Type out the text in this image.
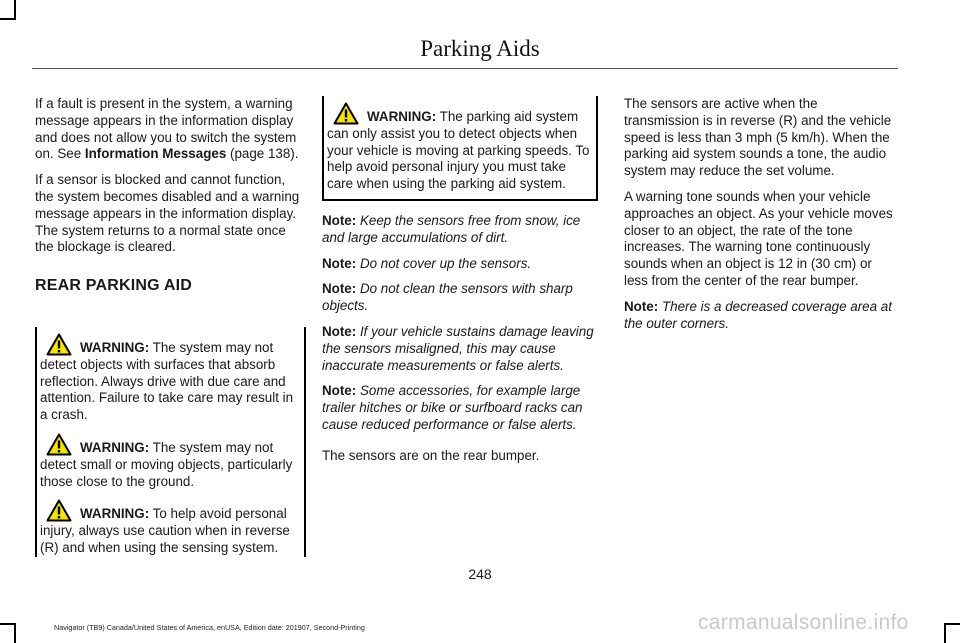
Parking Aids

If a fault is present in the system, a warning message appears in the information display and does not allow you to switch the system on. See Information Messages (page 138).

If a sensor is blocked and cannot function, the system becomes disabled and a warning message appears in the information display. The system returns to a normal state once the blockage is cleared.

REAR PARKING AID

WARNING: The system may not detect objects with surfaces that absorb reflection. Always drive with due care and attention. Failure to take care may result in a crash.

WARNING: The system may not detect small or moving objects, particularly those close to the ground.

WARNING: To help avoid personal injury, always use caution when in reverse (R) and when using the sensing system.

WARNING: The parking aid system can only assist you to detect objects when your vehicle is moving at parking speeds. To help avoid personal injury you must take care when using the parking aid system.

Note: Keep the sensors free from snow, ice and large accumulations of dirt.

Note: Do not cover up the sensors.

Note: Do not clean the sensors with sharp objects.

Note: If your vehicle sustains damage leaving the sensors misaligned, this may cause inaccurate measurements or false alerts.

Note: Some accessories, for example large trailer hitches or bike or surfboard racks can cause reduced performance or false alerts.

The sensors are on the rear bumper.

The sensors are active when the transmission is in reverse (R) and the vehicle speed is less than 3 mph (5 km/h). When the parking aid system sounds a tone, the audio system may reduce the set volume.

A warning tone sounds when your vehicle approaches an object. As your vehicle moves closer to an object, the rate of the tone increases. The warning tone continuously sounds when an object is 12 in (30 cm) or less from the center of the rear bumper.

Note: There is a decreased coverage area at the outer corners.

248
Navigator (TB9) Canada/United States of America, enUSA, Edition date: 201907, Second-Printing	carmanualsonline.info
